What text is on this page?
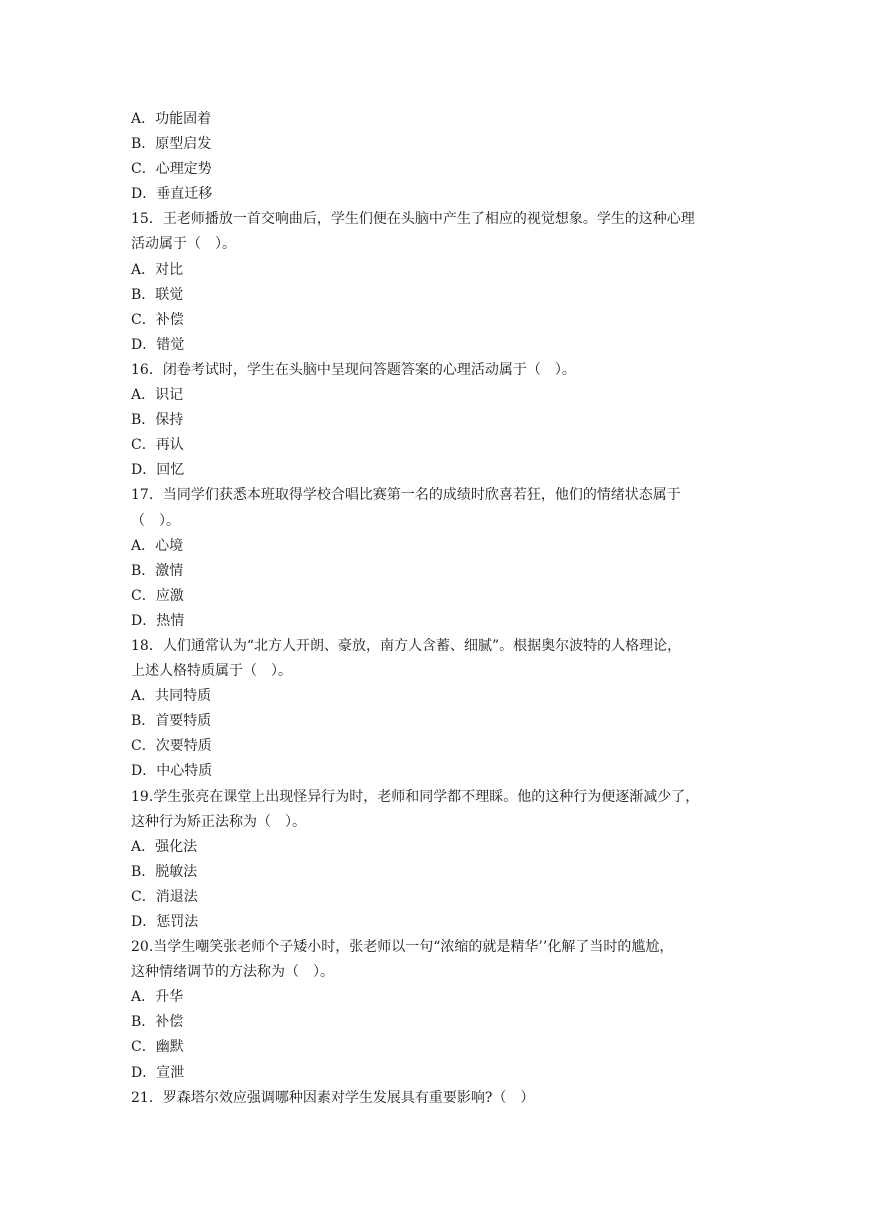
A．功能固着
B．原型启发
C．心理定势
D．垂直迁移
15．王老师播放一首交响曲后，学生们便在头脑中产生了相应的视觉想象。学生的这种心理
活动属于（　）。
A．对比
B．联觉
C．补偿
D．错觉
16．闭卷考试时，学生在头脑中呈现问答题答案的心理活动属于（　）。
A．识记
B．保持
C．再认
D．回忆
17．当同学们获悉本班取得学校合唱比赛第一名的成绩时欣喜若狂，他们的情绪状态属于
（　）。
A．心境
B．激情
C．应激
D．热情
18．人们通常认为“北方人开朗、豪放，南方人含蓄、细腻”。根据奥尔波特的人格理论，
上述人格特质属于（　）。
A．共同特质
B．首要特质
C．次要特质
D．中心特质
19.学生张亮在课堂上出现怪异行为时，老师和同学都不理睬。他的这种行为便逐渐减少了，
这种行为矫正法称为（　）。
A．强化法
B．脱敏法
C．消退法
D．惩罚法
20.当学生嘲笑张老师个子矮小时，张老师以一句“浓缩的就是精华’’化解了当时的尴尬，
这种情绪调节的方法称为（　）。
A．升华
B．补偿
C．幽默
D．宣泄
21．罗森塔尔效应强调哪种因素对学生发展具有重要影响?（　）
